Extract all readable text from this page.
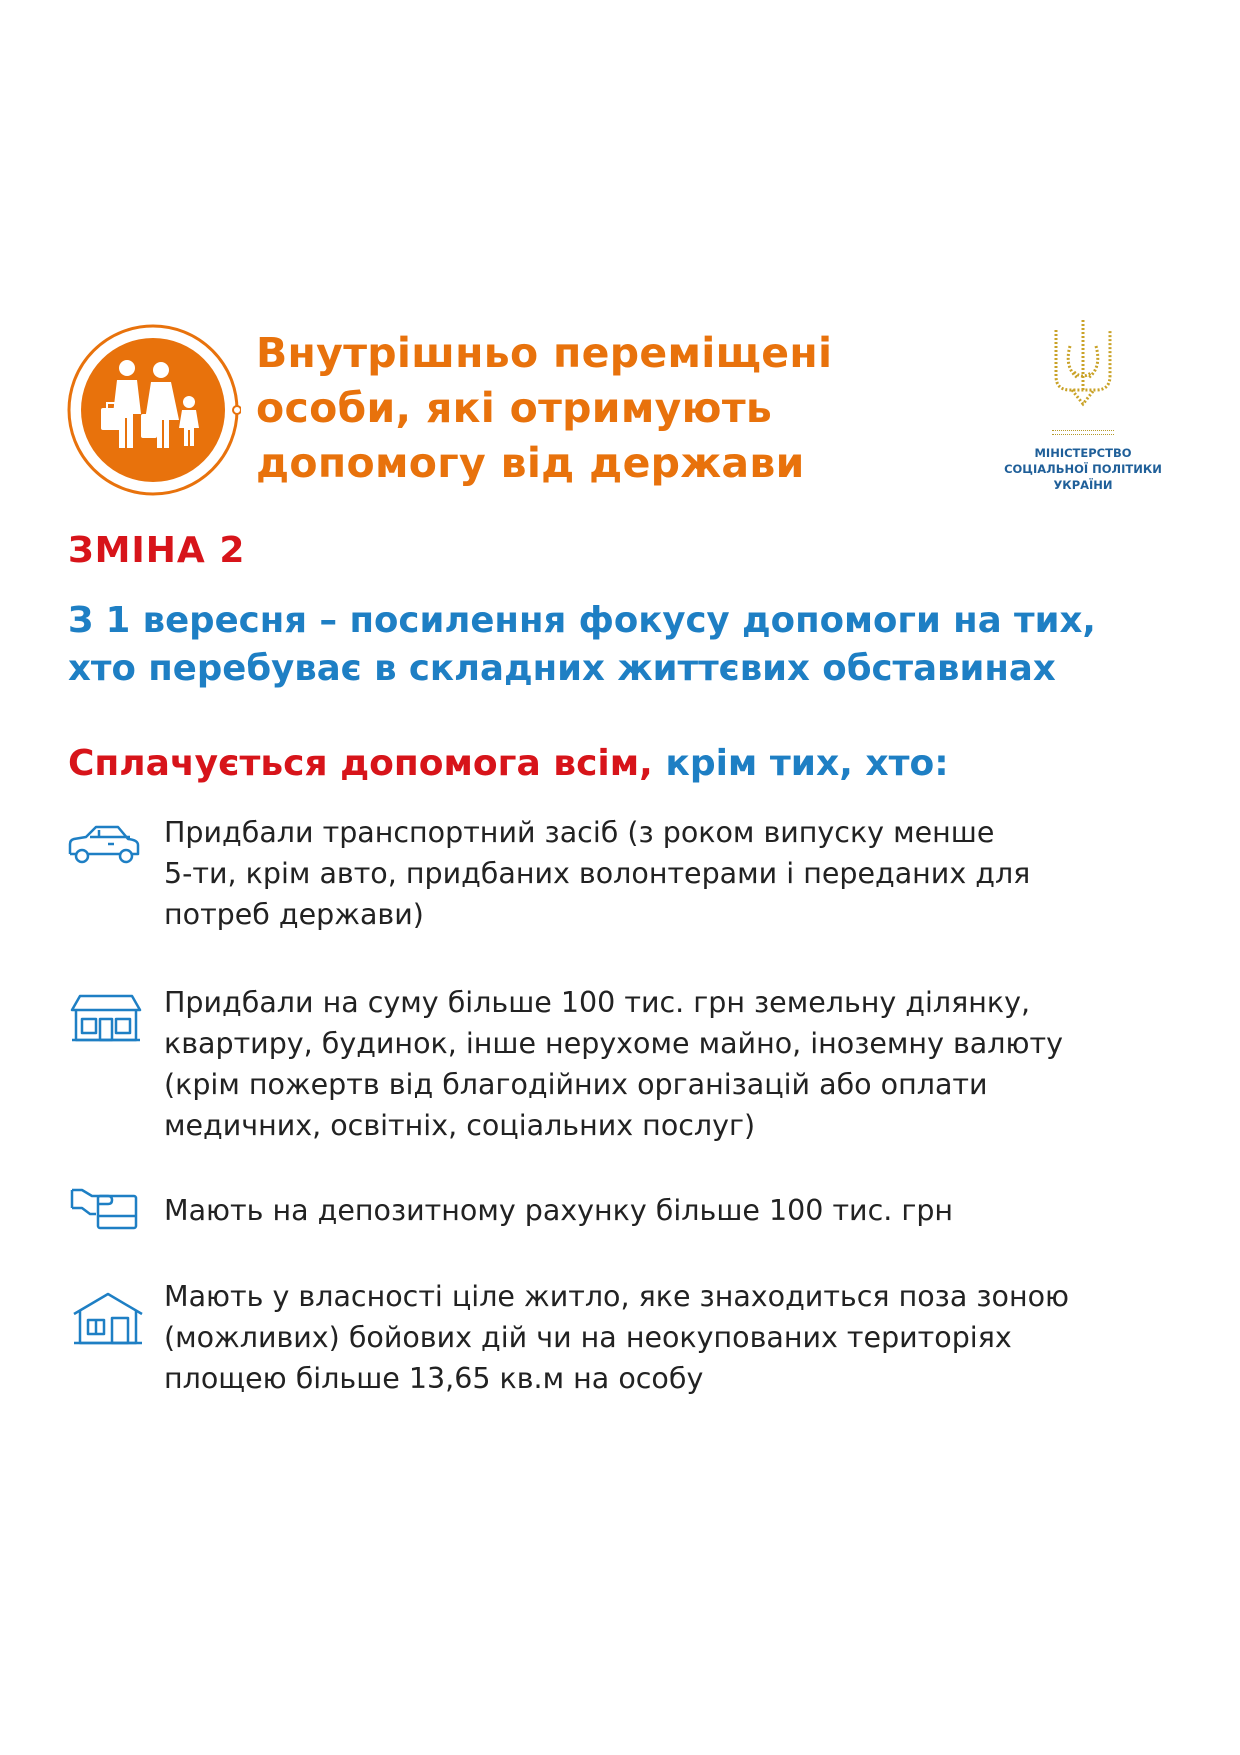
Внутрішньо переміщені
особи, які отримують
допомогу від держави	МІНІСТЕРСТВО
СОЦІАЛЬНОЇ ПОЛІТИКИ
УКРАЇНИ
ЗМІНА 2
З 1 вересня – посилення фокусу допомоги на тих,
хто перебуває в складних життєвих обставинах
Сплачується допомога всім, крім тих, хто:
Придбали транспортний засіб (з роком випуску менше
5-ти, крім авто, придбаних волонтерами і переданих для
потреб держави)
Придбали на суму більше 100 тис. грн земельну ділянку,
квартиру, будинок, інше нерухоме майно, іноземну валюту
(крім пожертв від благодійних організацій або оплати
медичних, освітніх, соціальних послуг)
Мають на депозитному рахунку більше 100 тис. грн
Мають у власності ціле житло, яке знаходиться поза зоною
(можливих) бойових дій чи на неокупованих територіях
площею більше 13,65 кв.м на особу
